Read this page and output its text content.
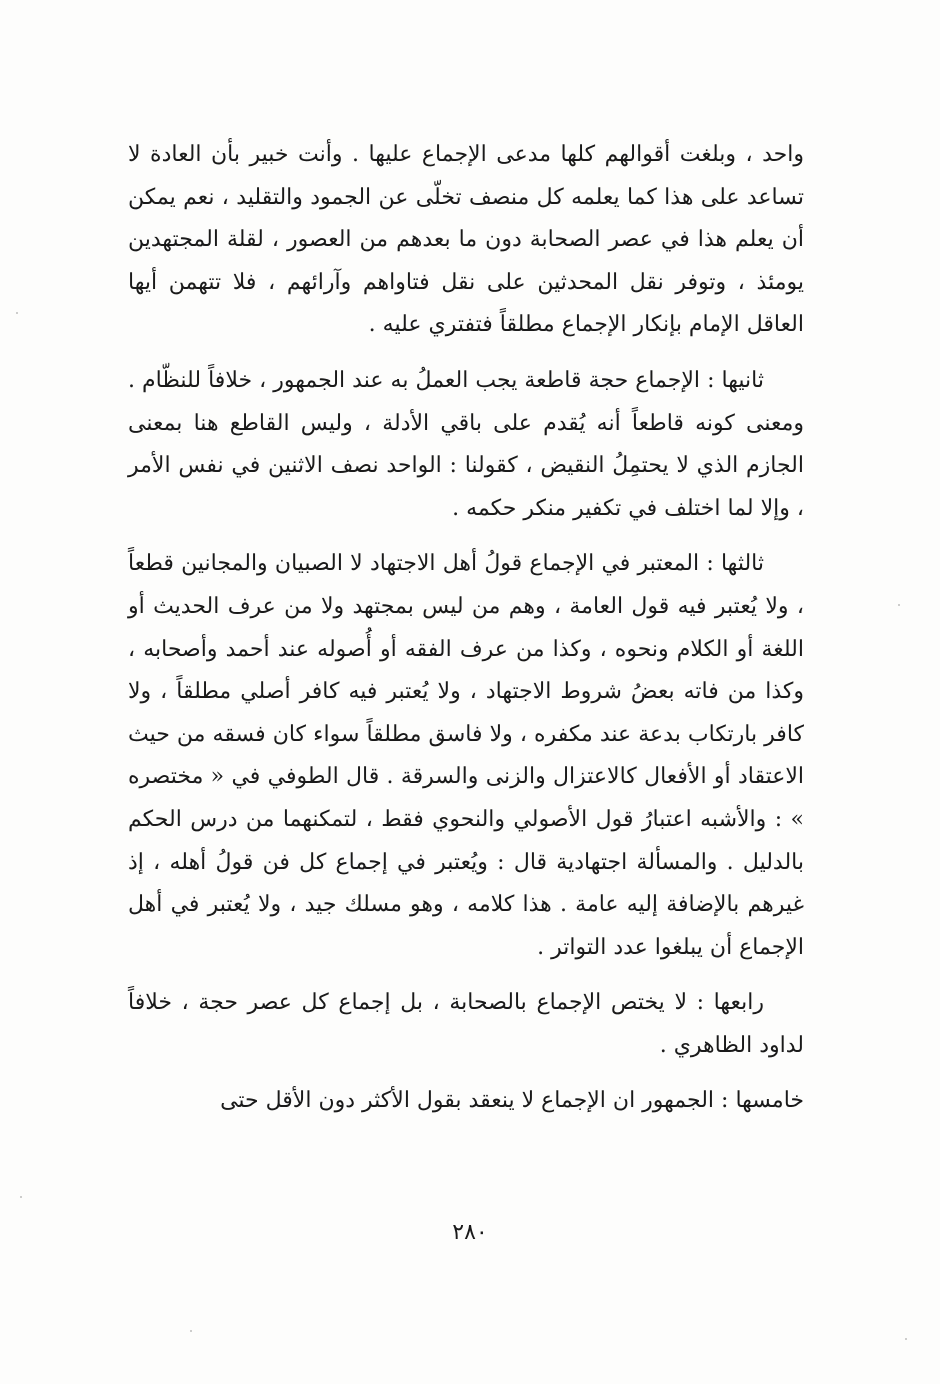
واحد ، وبلغت أقوالهم كلها مدعى الإجماع عليها . وأنت خبير بأن العادة لا تساعد على هذا كما يعلمه كل منصف تخلّى عن الجمود والتقليد ، نعم يمكن أن يعلم هذا في عصر الصحابة دون ما بعدهم من العصور ، لقلة المجتهدين يومئذ ، وتوفر نقل المحدثين على نقل فتاواهم وآرائهم ، فلا تتهمن أيها العاقل الإمام بإنكار الإجماع مطلقاً فتفتري عليه .

ثانيها : الإجماع حجة قاطعة يجب العملُ به عند الجمهور ، خلافاً للنظّام . ومعنى كونه قاطعاً أنه يُقدم على باقي الأدلة ، وليس القاطع هنا بمعنى الجازم الذي لا يحتمِلُ النقيض ، كقولنا : الواحد نصف الاثنين في نفس الأمر ، وإلا لما اختلف في تكفير منكر حكمه .

ثالثها : المعتبر في الإجماع قولُ أهل الاجتهاد لا الصبيان والمجانين قطعاً ، ولا يُعتبر فيه قول العامة ، وهم من ليس بمجتهد ولا من عرف الحديث أو اللغة أو الكلام ونحوه ، وكذا من عرف الفقه أو أُصوله عند أحمد وأصحابه ، وكذا من فاته بعضُ شروط الاجتهاد ، ولا يُعتبر فيه كافر أصلي مطلقاً ، ولا كافر بارتكاب بدعة عند مكفره ، ولا فاسق مطلقاً سواء كان فسقه من حيث الاعتقاد أو الأفعال كالاعتزال والزنى والسرقة . قال الطوفي في « مختصره » : والأشبه اعتبارُ قول الأصولي والنحوي فقط ، لتمكنهما من درس الحكم بالدليل . والمسألة اجتهادية قال : ويُعتبر في إجماع كل فن قولُ أهله ، إذ غيرهم بالإضافة إليه عامة . هذا كلامه ، وهو مسلك جيد ، ولا يُعتبر في أهل الإجماع أن يبلغوا عدد التواتر .

رابعها : لا يختص الإجماع بالصحابة ، بل إجماع كل عصر حجة ، خلافاً لداود الظاهري .

خامسها : الجمهور ان الإجماع لا ينعقد بقول الأكثر دون الأقل حتى

٢٨٠
